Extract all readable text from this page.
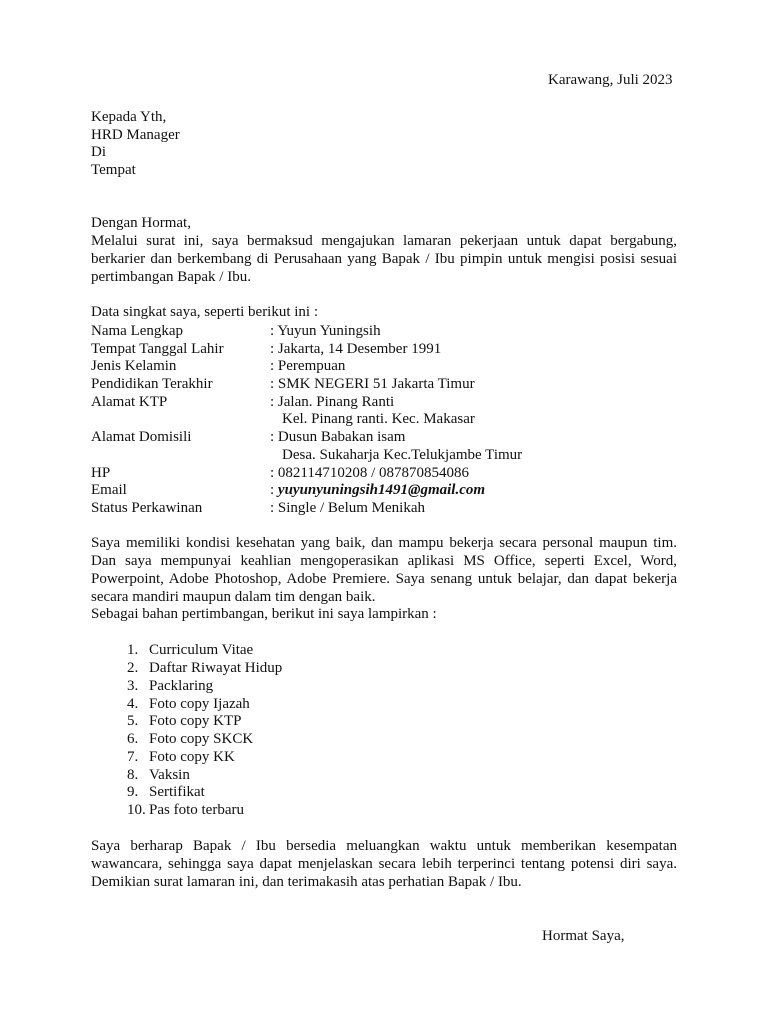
Karawang, Juli 2023
Kepada Yth,
HRD Manager
Di
Tempat
Dengan Hormat,
Melalui surat ini, saya bermaksud mengajukan lamaran pekerjaan untuk dapat bergabung,
berkarier dan berkembang di Perusahaan yang Bapak / Ibu pimpin untuk mengisi posisi sesuai
pertimbangan Bapak / Ibu.
Data singkat saya, seperti berikut ini :
Nama Lengkap	: Yuyun Yuningsih
Tempat Tanggal Lahir	: Jakarta, 14 Desember 1991
Jenis Kelamin	: Perempuan
Pendidikan Terakhir	: SMK NEGERI 51 Jakarta Timur
Alamat KTP	: Jalan. Pinang Ranti
Kel. Pinang ranti. Kec. Makasar
Alamat Domisili	: Dusun Babakan isam
Desa. Sukaharja Kec.Telukjambe Timur
HP	: 082114710208 / 087870854086
Email	: yuyunyuningsih1491@gmail.com
Status Perkawinan	: Single / Belum Menikah
Saya memiliki kondisi kesehatan yang baik, dan mampu bekerja secara personal maupun tim.
Dan saya mempunyai keahlian mengoperasikan aplikasi MS Office, seperti Excel, Word,
Powerpoint, Adobe Photoshop, Adobe Premiere. Saya senang untuk belajar, dan dapat bekerja
secara mandiri maupun dalam tim dengan baik.
Sebagai bahan pertimbangan, berikut ini saya lampirkan :
1. Curriculum Vitae
2. Daftar Riwayat Hidup
3. Packlaring
4. Foto copy Ijazah
5. Foto copy KTP
6. Foto copy SKCK
7. Foto copy KK
8. Vaksin
9. Sertifikat
10. Pas foto terbaru
Saya berharap Bapak / Ibu bersedia meluangkan waktu untuk memberikan kesempatan
wawancara, sehingga saya dapat menjelaskan secara lebih terperinci tentang potensi diri saya.
Demikian surat lamaran ini, dan terimakasih atas perhatian Bapak / Ibu.
Hormat Saya,
